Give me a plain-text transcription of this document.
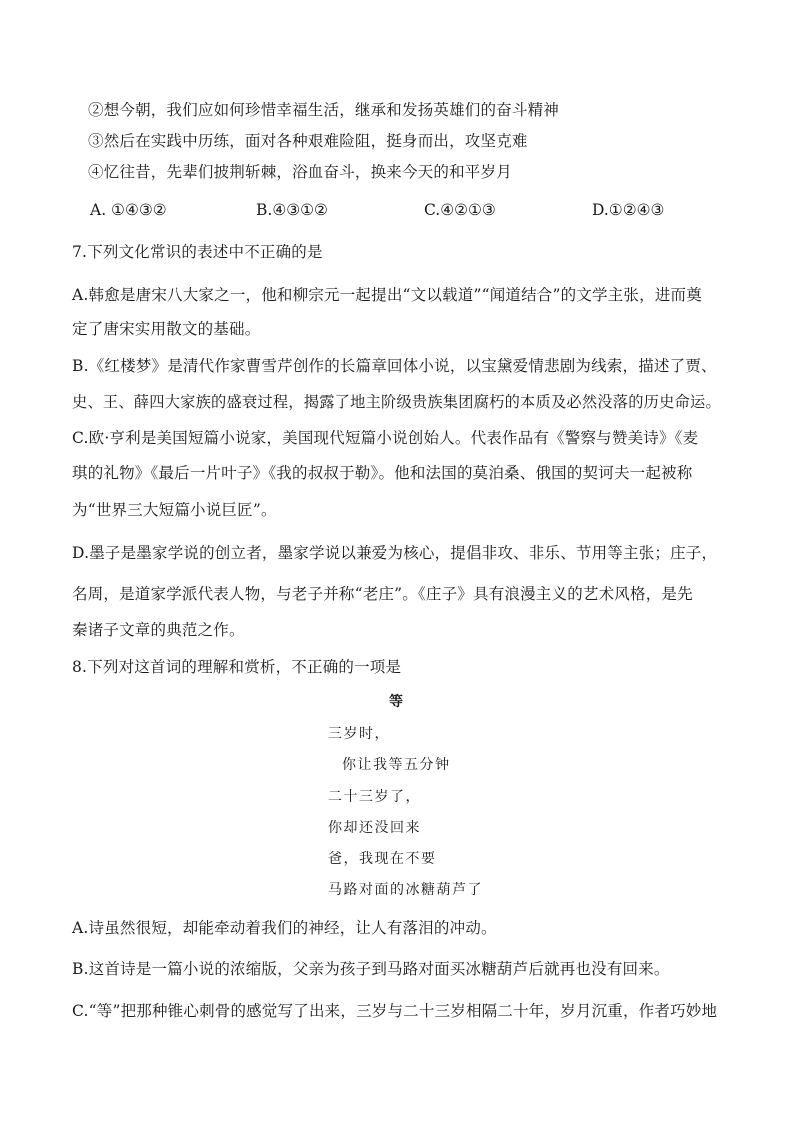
②想今朝，我们应如何珍惜幸福生活，继承和发扬英雄们的奋斗精神
③然后在实践中历练，面对各种艰难险阻，挺身而出，攻坚克难
④忆往昔，先辈们披荆斩棘，浴血奋斗，换来今天的和平岁月
A. ①④③②	B.④③①②	C.④②①③	D.①②④③
7.下列文化常识的表述中不正确的是
A.韩愈是唐宋八大家之一，他和柳宗元一起提出“文以载道”“闻道结合”的文学主张，进而奠
定了唐宋实用散文的基础。
B.《红楼梦》是清代作家曹雪芹创作的长篇章回体小说，以宝黛爱情悲剧为线索，描述了贾、
史、王、薛四大家族的盛衰过程，揭露了地主阶级贵族集团腐朽的本质及必然没落的历史命运。
C.欧·亨利是美国短篇小说家，美国现代短篇小说创始人。代表作品有《警察与赞美诗》《麦
琪的礼物》《最后一片叶子》《我的叔叔于勒》。他和法国的莫泊桑、俄国的契诃夫一起被称
为“世界三大短篇小说巨匠”。
D.墨子是墨家学说的创立者，墨家学说以兼爱为核心，提倡非攻、非乐、节用等主张；庄子，
名周，是道家学派代表人物，与老子并称“老庄”。《庄子》具有浪漫主义的艺术风格，是先
秦诸子文章的典范之作。
8.下列对这首词的理解和赏析，不正确的一项是
等
三岁时，
你让我等五分钟
二十三岁了，
你却还没回来
爸，我现在不要
马路对面的冰糖葫芦了
A.诗虽然很短，却能牵动着我们的神经，让人有落泪的冲动。
B.这首诗是一篇小说的浓缩版，父亲为孩子到马路对面买冰糖葫芦后就再也没有回来。
C.“等”把那种锥心刺骨的感觉写了出来，三岁与二十三岁相隔二十年，岁月沉重，作者巧妙地
